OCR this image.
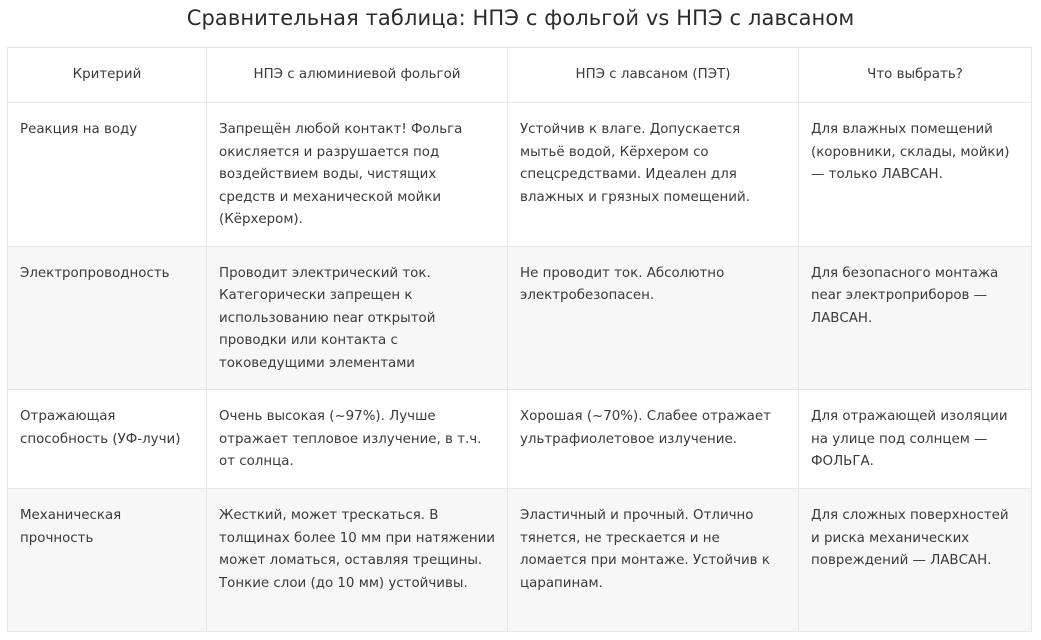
Сравнительная таблица: НПЭ с фольгой vs НПЭ с лавсаном
Критерий	НПЭ с алюминиевой фольгой	НПЭ с лавсаном (ПЭТ)	Что выбрать?
Реакция на воду	Запрещён любой контакт! Фольга окисляется и разрушается под воздействием воды, чистящих средств и механической мойки (Кёрхером).	Устойчив к влаге. Допускается мытьё водой, Кёрхером со спецсредствами. Идеален для влажных и грязных помещений.	Для влажных помещений (коровники, склады, мойки) — только ЛАВСАН.
Электропроводность	Проводит электрический ток. Категорически запрещен к использованию near открытой проводки или контакта с токоведущими элементами	Не проводит ток. Абсолютно электробезопасен.	Для безопасного монтажа near электроприборов — ЛАВСАН.
Отражающая способность (УФ-лучи)	Очень высокая (~97%). Лучше отражает тепловое излучение, в т.ч. от солнца.	Хорошая (~70%). Слабее отражает ультрафиолетовое излучение.	Для отражающей изоляции на улице под солнцем — ФОЛЬГА.
Механическая прочность	Жесткий, может трескаться. В толщинах более 10 мм при натяжении может ломаться, оставляя трещины. Тонкие слои (до 10 мм) устойчивы.	Эластичный и прочный. Отлично тянется, не трескается и не ломается при монтаже. Устойчив к царапинам.	Для сложных поверхностей и риска механических повреждений — ЛАВСАН.
